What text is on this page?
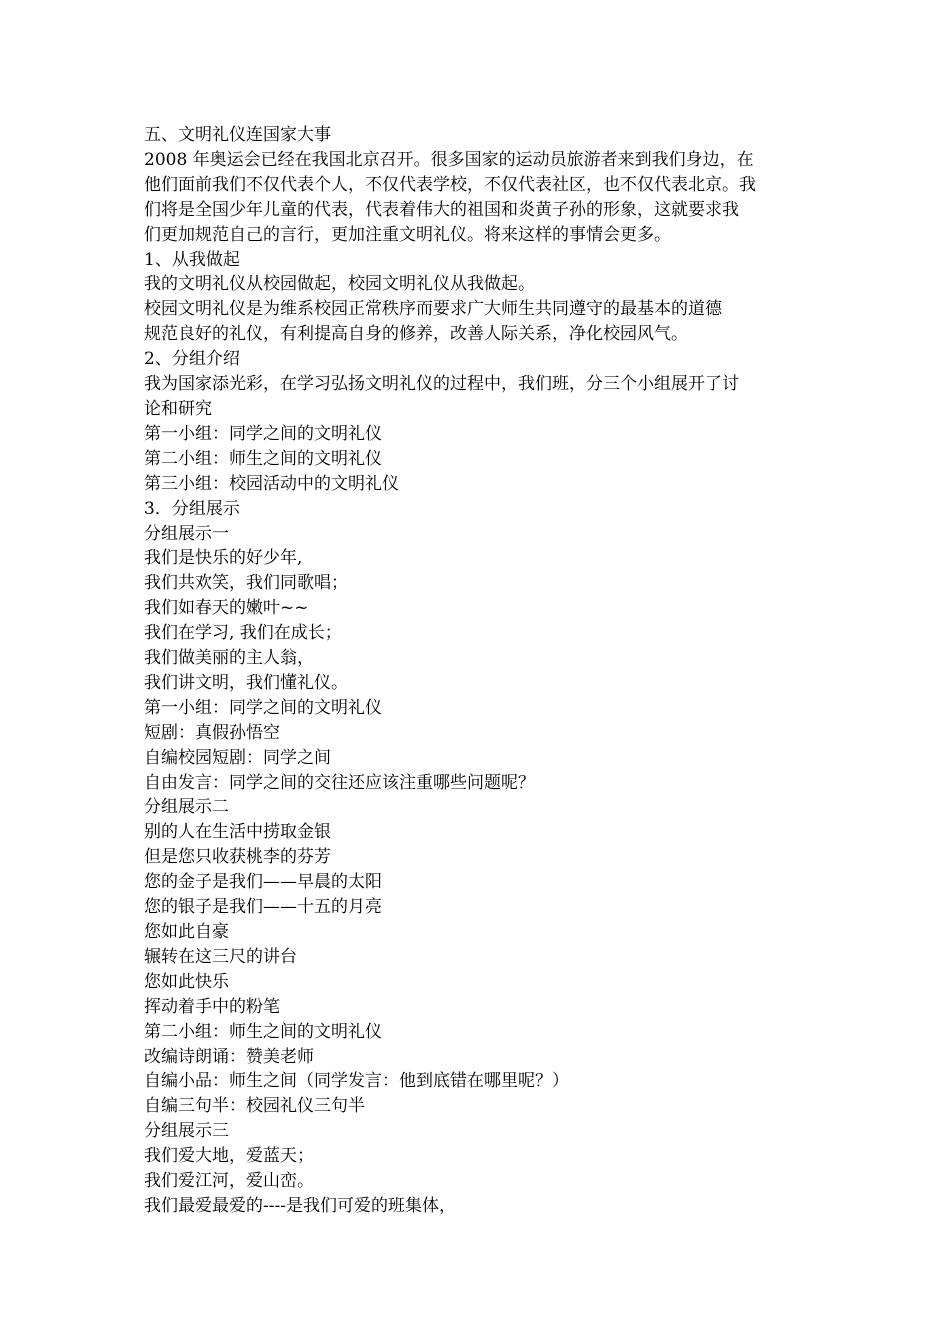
五、文明礼仪连国家大事
2008 年奥运会已经在我国北京召开。很多国家的运动员旅游者来到我们身边，在
他们面前我们不仅代表个人，不仅代表学校，不仅代表社区，也不仅代表北京。我
们将是全国少年儿童的代表，代表着伟大的祖国和炎黄子孙的形象，这就要求我
们更加规范自己的言行，更加注重文明礼仪。将来这样的事情会更多。
1、从我做起
我的文明礼仪从校园做起，校园文明礼仪从我做起。
校园文明礼仪是为维系校园正常秩序而要求广大师生共同遵守的最基本的道德
规范良好的礼仪，有利提高自身的修养，改善人际关系，净化校园风气。
2、分组介绍
我为国家添光彩，在学习弘扬文明礼仪的过程中，我们班，分三个小组展开了讨
论和研究
第一小组：同学之间的文明礼仪
第二小组：师生之间的文明礼仪
第三小组：校园活动中的文明礼仪
3．分组展示
分组展示一
我们是快乐的好少年,
我们共欢笑，我们同歌唱；
我们如春天的嫩叶~~
我们在学习, 我们在成长；
我们做美丽的主人翁，
我们讲文明，我们懂礼仪。
第一小组：同学之间的文明礼仪
短剧：真假孙悟空
自编校园短剧：同学之间
自由发言：同学之间的交往还应该注重哪些问题呢？
分组展示二
别的人在生活中捞取金银
但是您只收获桃李的芬芳
您的金子是我们——早晨的太阳
您的银子是我们——十五的月亮
您如此自豪
辗转在这三尺的讲台
您如此快乐
挥动着手中的粉笔
第二小组：师生之间的文明礼仪
改编诗朗诵：赞美老师
自编小品：师生之间（同学发言：他到底错在哪里呢？）
自编三句半：校园礼仪三句半
分组展示三
我们爱大地，爱蓝天；
我们爱江河，爱山峦。
我们最爱最爱的----是我们可爱的班集体，
